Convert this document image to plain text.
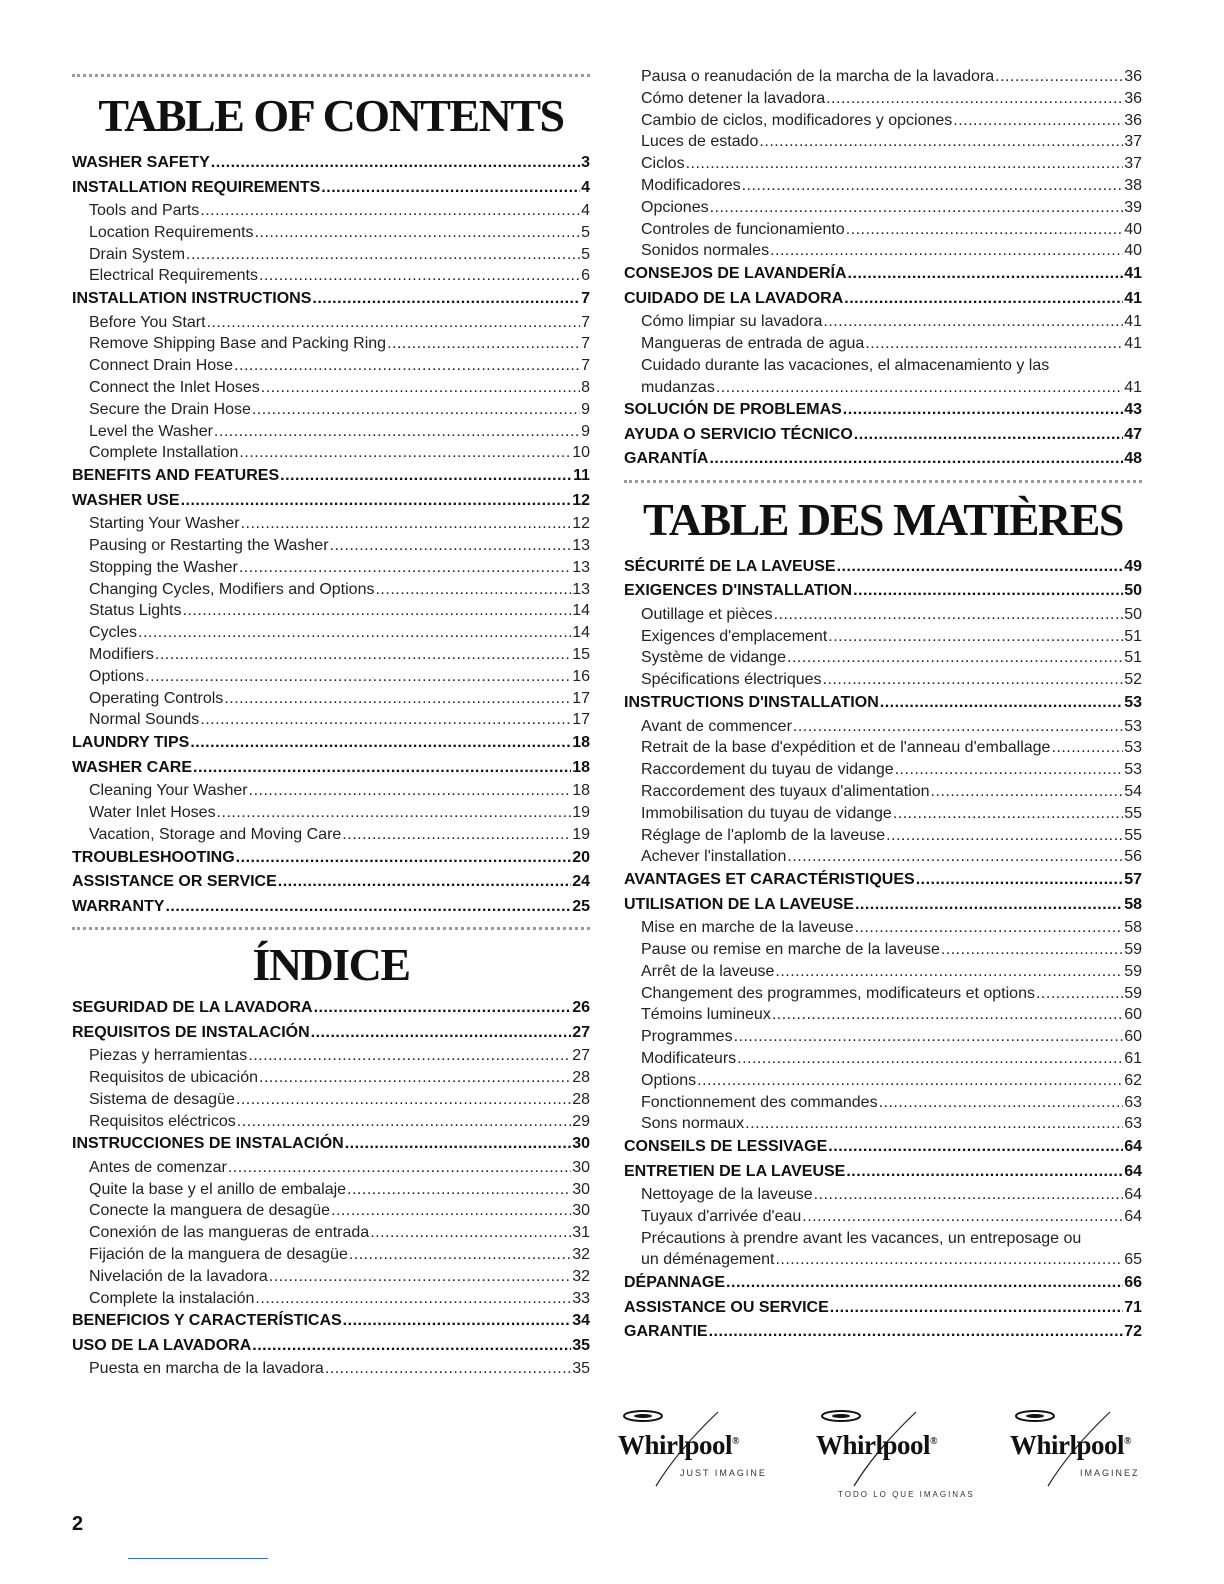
TABLE OF CONTENTS
WASHER SAFETY .....	3
INSTALLATION REQUIREMENTS .....	4
Tools and Parts .....	4
Location Requirements .....	5
Drain System .....	5
Electrical Requirements .....	6
INSTALLATION INSTRUCTIONS .....	7
Before You Start .....	7
Remove Shipping Base and Packing Ring .....	7
Connect Drain Hose .....	7
Connect the Inlet Hoses .....	8
Secure the Drain Hose .....	9
Level the Washer .....	9
Complete Installation .....	10
BENEFITS AND FEATURES .....	11
WASHER USE .....	12
Starting Your Washer .....	12
Pausing or Restarting the Washer .....	13
Stopping the Washer .....	13
Changing Cycles, Modifiers and Options .....	13
Status Lights .....	14
Cycles .....	14
Modifiers .....	15
Options .....	16
Operating Controls .....	17
Normal Sounds .....	17
LAUNDRY TIPS .....	18
WASHER CARE .....	18
Cleaning Your Washer .....	18
Water Inlet Hoses .....	19
Vacation, Storage and Moving Care .....	19
TROUBLESHOOTING .....	20
ASSISTANCE OR SERVICE .....	24
WARRANTY .....	25
ÍNDICE
SEGURIDAD DE LA LAVADORA .....	26
REQUISITOS DE INSTALACIÓN .....	27
Piezas y herramientas .....	27
Requisitos de ubicación .....	28
Sistema de desagüe .....	28
Requisitos eléctricos .....	29
INSTRUCCIONES DE INSTALACIÓN .....	30
Antes de comenzar .....	30
Quite la base y el anillo de embalaje .....	30
Conecte la manguera de desagüe .....	30
Conexión de las mangueras de entrada .....	31
Fijación de la manguera de desagüe .....	32
Nivelación de la lavadora .....	32
Complete la instalación .....	33
BENEFICIOS Y CARACTERÍSTICAS .....	34
USO DE LA LAVADORA .....	35
Puesta en marcha de la lavadora .....	35
Pausa o reanudación de la marcha de la lavadora .....	36
Cómo detener la lavadora .....	36
Cambio de ciclos, modificadores y opciones .....	36
Luces de estado .....	37
Ciclos .....	37
Modificadores .....	38
Opciones .....	39
Controles de funcionamiento .....	40
Sonidos normales .....	40
CONSEJOS DE LAVANDERÍA .....	41
CUIDADO DE LA LAVADORA .....	41
Cómo limpiar su lavadora .....	41
Mangueras de entrada de agua .....	41
Cuidado durante las vacaciones, el almacenamiento y las
mudanzas .....	41
SOLUCIÓN DE PROBLEMAS .....	43
AYUDA O SERVICIO TÉCNICO .....	47
GARANTÍA .....	48
TABLE DES MATIÈRES
SÉCURITÉ DE LA LAVEUSE .....	49
EXIGENCES D'INSTALLATION .....	50
Outillage et pièces .....	50
Exigences d'emplacement .....	51
Système de vidange .....	51
Spécifications électriques .....	52
INSTRUCTIONS D'INSTALLATION .....	53
Avant de commencer .....	53
Retrait de la base d'expédition et de l'anneau d'emballage .....	53
Raccordement du tuyau de vidange .....	53
Raccordement des tuyaux d'alimentation .....	54
Immobilisation du tuyau de vidange .....	55
Réglage de l'aplomb de la laveuse .....	55
Achever l'installation .....	56
AVANTAGES ET CARACTÉRISTIQUES .....	57
UTILISATION DE LA LAVEUSE .....	58
Mise en marche de la laveuse .....	58
Pause ou remise en marche de la laveuse .....	59
Arrêt de la laveuse .....	59
Changement des programmes, modificateurs et options .....	59
Témoins lumineux .....	60
Programmes .....	60
Modificateurs .....	61
Options .....	62
Fonctionnement des commandes .....	63
Sons normaux .....	63
CONSEILS DE LESSIVAGE .....	64
ENTRETIEN DE LA LAVEUSE .....	64
Nettoyage de la laveuse .....	64
Tuyaux d'arrivée d'eau .....	64
Précautions à prendre avant les vacances, un entreposage ou
un déménagement .....	65
DÉPANNAGE .....	66
ASSISTANCE OU SERVICE .....	71
GARANTIE .....	72
Whirlpool®
JUST IMAGINE
Whirlpool®	Whirlpool®
IMAGINEZ
TODO LO QUE IMAGINAS
2
